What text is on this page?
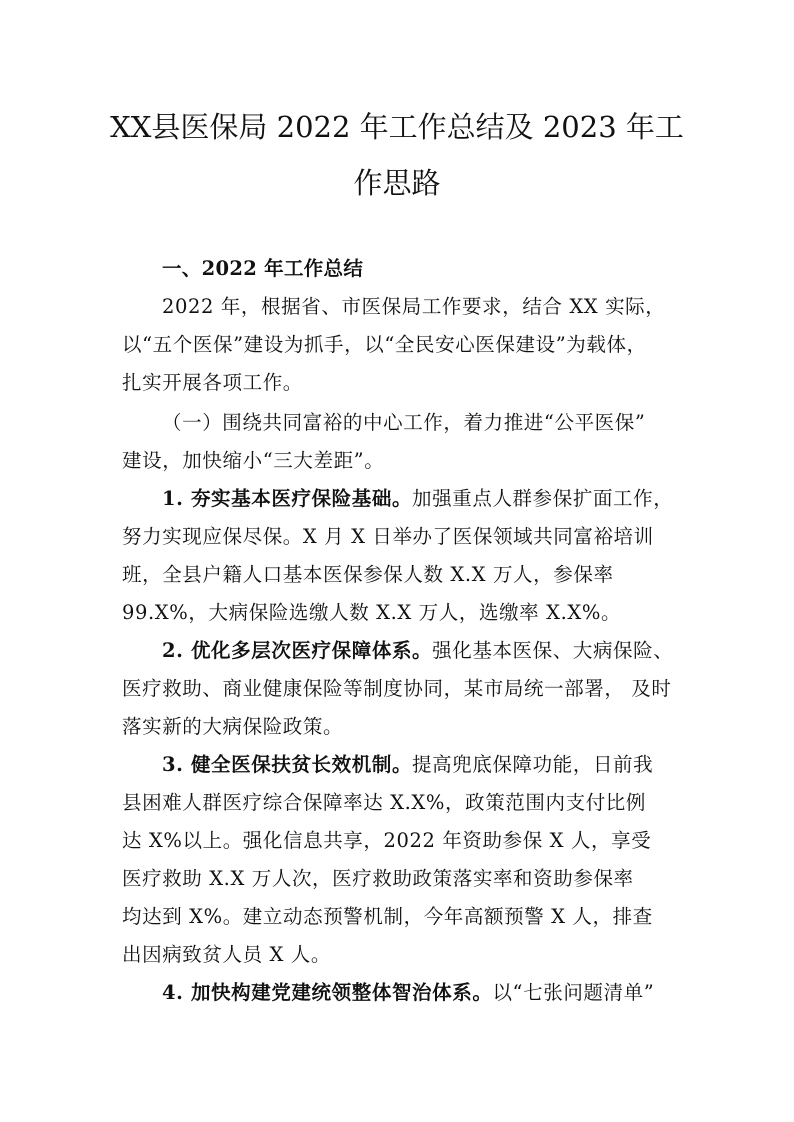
XX县医保局 2022 年工作总结及 2023 年工
作思路

一、2022 年工作总结

2022 年，根据省、市医保局工作要求，结合 XX 实际，

以“五个医保”建设为抓手，以“全民安心医保建设”为载体，

扎实开展各项工作。

（一）围绕共同富裕的中心工作，着力推进“公平医保”

建设，加快缩小“三大差距”。

1. 夯实基本医疗保险基础。加强重点人群参保扩面工作，

努力实现应保尽保。X 月 X 日举办了医保领域共同富裕培训

班，全县户籍人口基本医保参保人数 X.X 万人，参保率

99.X%，大病保险选缴人数 X.X 万人，选缴率 X.X%。

2. 优化多层次医疗保障体系。强化基本医保、大病保险、

医疗救助、商业健康保险等制度协同，某市局统一部署， 及时

落实新的大病保险政策。

3. 健全医保扶贫长效机制。提高兜底保障功能，日前我

县困难人群医疗综合保障率达 X.X%，政策范围内支付比例

达 X%以上。强化信息共享，2022 年资助参保 X 人，享受

医疗救助 X.X 万人次，医疗救助政策落实率和资助参保率

均达到 X%。建立动态预警机制，今年高额预警 X 人，排查

出因病致贫人员 X 人。

4. 加快构建党建统领整体智治体系。以“七张问题清单”
